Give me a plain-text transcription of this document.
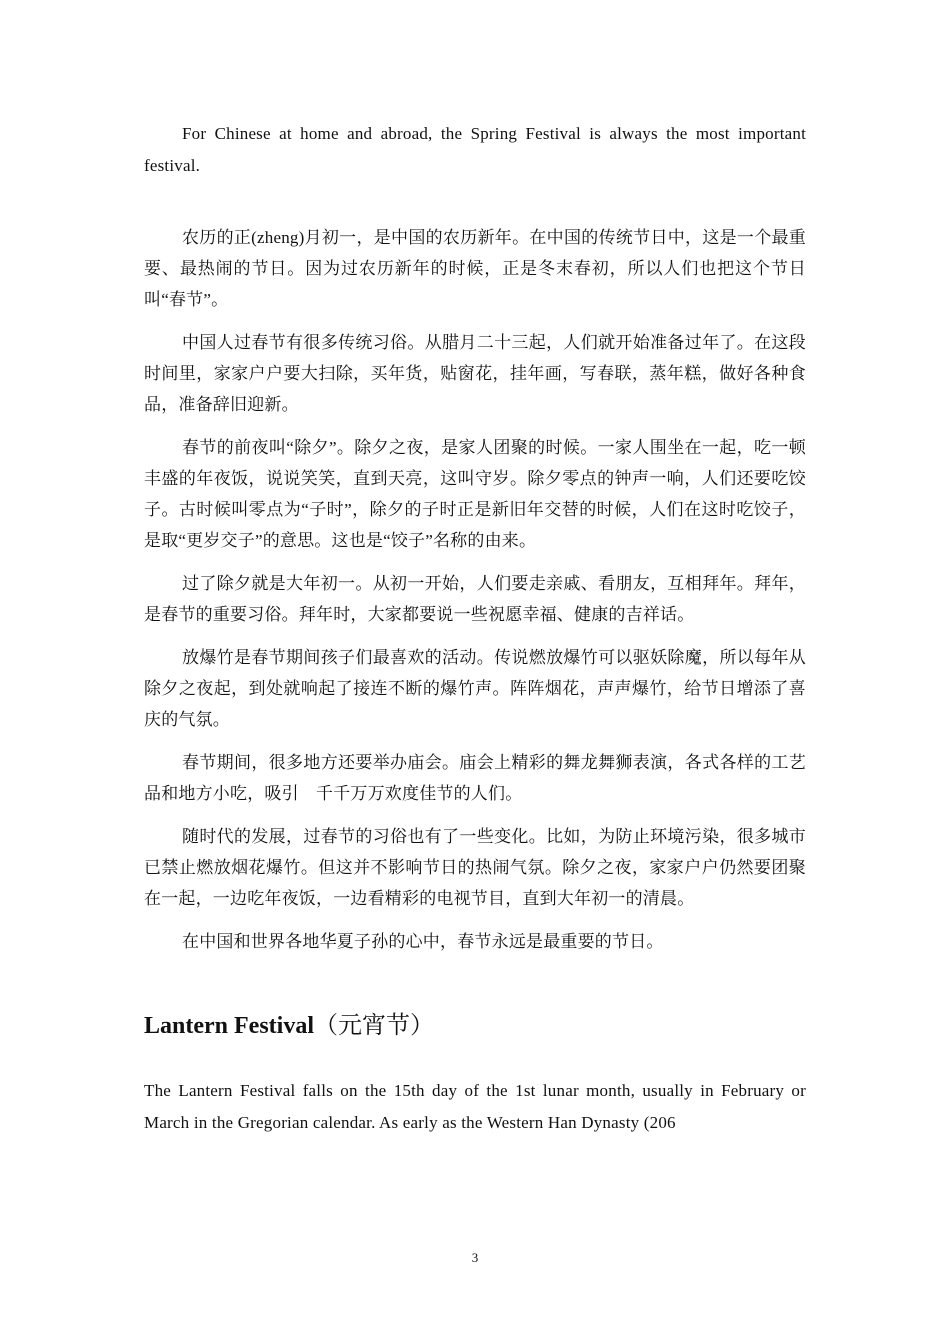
For Chinese at home and abroad, the Spring Festival is always the most important festival.

农历的正(zheng)月初一，是中国的农历新年。在中国的传统节日中，这是一个最重要、最热闹的节日。因为过农历新年的时候，正是冬末春初，所以人们也把这个节日叫“春节”。

中国人过春节有很多传统习俗。从腊月二十三起，人们就开始准备过年了。在这段时间里，家家户户要大扫除，买年货，贴窗花，挂年画，写春联，蒸年糕，做好各种食品，准备辞旧迎新。

春节的前夜叫“除夕”。除夕之夜，是家人团聚的时候。一家人围坐在一起，吃一顿丰盛的年夜饭，说说笑笑，直到天亮，这叫守岁。除夕零点的钟声一响，人们还要吃饺子。古时候叫零点为“子时”，除夕的子时正是新旧年交替的时候，人们在这时吃饺子，是取“更岁交子”的意思。这也是“饺子”名称的由来。

过了除夕就是大年初一。从初一开始，人们要走亲戚、看朋友，互相拜年。拜年，是春节的重要习俗。拜年时，大家都要说一些祝愿幸福、健康的吉祥话。

放爆竹是春节期间孩子们最喜欢的活动。传说燃放爆竹可以驱妖除魔，所以每年从除夕之夜起，到处就响起了接连不断的爆竹声。阵阵烟花，声声爆竹，给节日增添了喜庆的气氛。

春节期间，很多地方还要举办庙会。庙会上精彩的舞龙舞狮表演，各式各样的工艺品和地方小吃，吸引　千千万万欢度佳节的人们。

随时代的发展，过春节的习俗也有了一些变化。比如，为防止环境污染，很多城市已禁止燃放烟花爆竹。但这并不影响节日的热闹气氛。除夕之夜，家家户户仍然要团聚在一起，一边吃年夜饭，一边看精彩的电视节目，直到大年初一的清晨。

在中国和世界各地华夏子孙的心中，春节永远是最重要的节日。

Lantern Festival（元宵节）

The Lantern Festival falls on the 15th day of the 1st lunar month, usually in February or March in the Gregorian calendar. As early as the Western Han Dynasty (206

3
